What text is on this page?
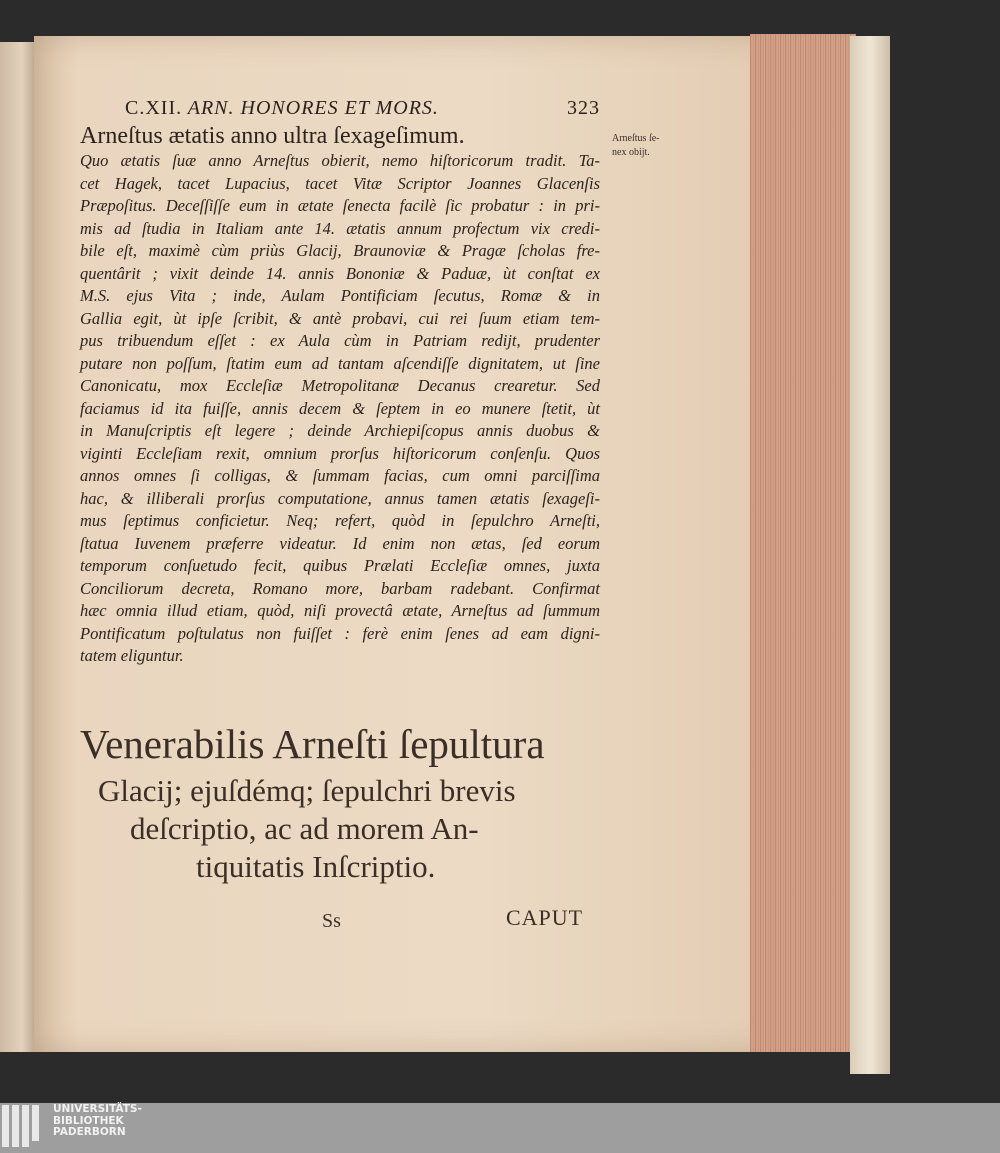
C.XII. ARN. HONORES ET MORS.	323
Arneſtus ætatis anno ultra ſexageſimum.	Arneſtus ſe-
nex obijt.
Quo ætatis ſuæ anno Arneſtus obierit, nemo hiſtoricorum tradit. Ta-
cet Hagek, tacet Lupacius, tacet Vitæ Scriptor Joannes Glacenſis
Præpoſitus. Deceſſiſſe eum in ætate ſenecta facilè ſic probatur : in pri-
mis ad ſtudia in Italiam ante 14. ætatis annum profectum vix credi-
bile eſt, maximè cùm priùs Glacij, Braunoviæ & Pragæ ſcholas fre-
quentârit ; vixit deinde 14. annis Bononiæ & Paduæ, ùt conſtat ex
M.S. ejus Vita ; inde, Aulam Pontificiam ſecutus, Romæ & in
Gallia egit, ùt ipſe ſcribit, & antè probavi, cui rei ſuum etiam tem-
pus tribuendum eſſet : ex Aula cùm in Patriam redijt, prudenter
putare non poſſum, ſtatim eum ad tantam aſcendiſſe dignitatem, ut ſine
Canonicatu, mox Eccleſiæ Metropolitanæ Decanus crearetur. Sed
faciamus id ita fuiſſe, annis decem & ſeptem in eo munere ſtetit, ùt
in Manuſcriptis eſt legere ; deinde Archiepiſcopus annis duobus &
viginti Eccleſiam rexit, omnium prorſus hiſtoricorum conſenſu. Quos
annos omnes ſi colligas, & ſummam facias, cum omni parciſſima
hac, & illiberali prorſus computatione, annus tamen ætatis ſexageſi-
mus ſeptimus conficietur. Neq; refert, quòd in ſepulchro Arneſti,
ſtatua Iuvenem præferre videatur. Id enim non ætas, ſed eorum
temporum conſuetudo fecit, quibus Prælati Eccleſiæ omnes, juxta
Conciliorum decreta, Romano more, barbam radebant. Confirmat
hæc omnia illud etiam, quòd, niſi provectâ ætate, Arneſtus ad ſummum
Pontificatum poſtulatus non fuiſſet : ferè enim ſenes ad eam digni-
tatem eliguntur.
Venerabilis Arneſti ſepultura
Glacij; ejuſdémq; ſepulchri brevis
deſcriptio, ac ad morem An-
tiquitatis Inſcriptio.
Ss	CAPUT
UNIVERSITÄTS-
BIBLIOTHEK
PADERBORN
